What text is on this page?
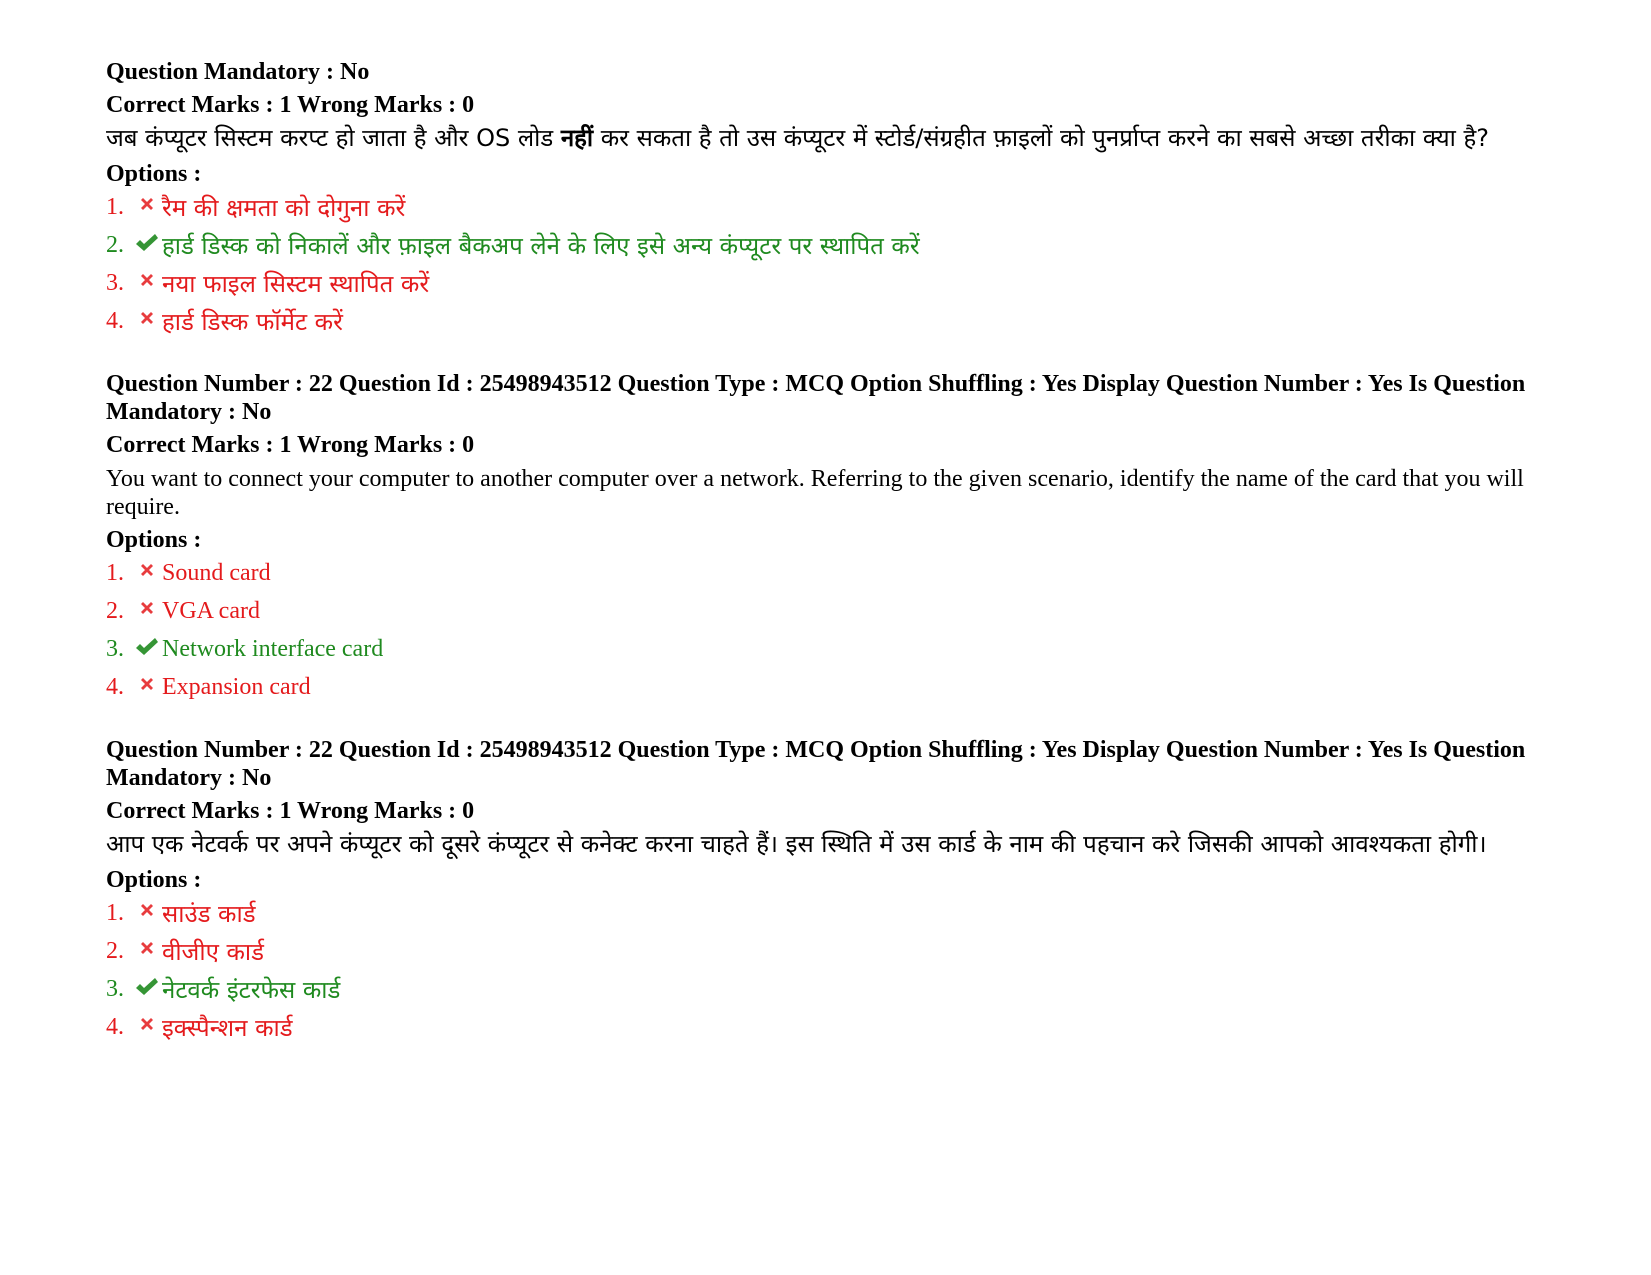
Question Mandatory : No
Correct Marks : 1 Wrong Marks : 0
जब कंप्यूटर सिस्टम करप्ट हो जाता है और OS लोड नहीं कर सकता है तो उस कंप्यूटर में स्टोर्ड/संग्रहीत फ़ाइलों को पुनर्प्राप्त करने का सबसे अच्छा तरीका क्या है?
Options :
1.	रैम की क्षमता को दोगुना करें
2.	हार्ड डिस्क को निकालें और फ़ाइल बैकअप लेने के लिए इसे अन्य कंप्यूटर पर स्थापित करें
3.	नया फाइल सिस्टम स्थापित करें
4.	हार्ड डिस्क फॉर्मेट करें
Question Number : 22 Question Id : 25498943512 Question Type : MCQ Option Shuffling : Yes Display Question Number : Yes Is Question Mandatory : No
Correct Marks : 1 Wrong Marks : 0
You want to connect your computer to another computer over a network. Referring to the given scenario, identify the name of the card that you will require.
Options :
1.	Sound card
2.	VGA card
3.	Network interface card
4.	Expansion card
Question Number : 22 Question Id : 25498943512 Question Type : MCQ Option Shuffling : Yes Display Question Number : Yes Is Question Mandatory : No
Correct Marks : 1 Wrong Marks : 0
आप एक नेटवर्क पर अपने कंप्यूटर को दूसरे कंप्यूटर से कनेक्ट करना चाहते हैं। इस स्थिति में उस कार्ड के नाम की पहचान करे जिसकी आपको आवश्यकता होगी।
Options :
1.	साउंड कार्ड
2.	वीजीए कार्ड
3.	नेटवर्क इंटरफेस कार्ड
4.	इक्स्पैन्शन कार्ड
